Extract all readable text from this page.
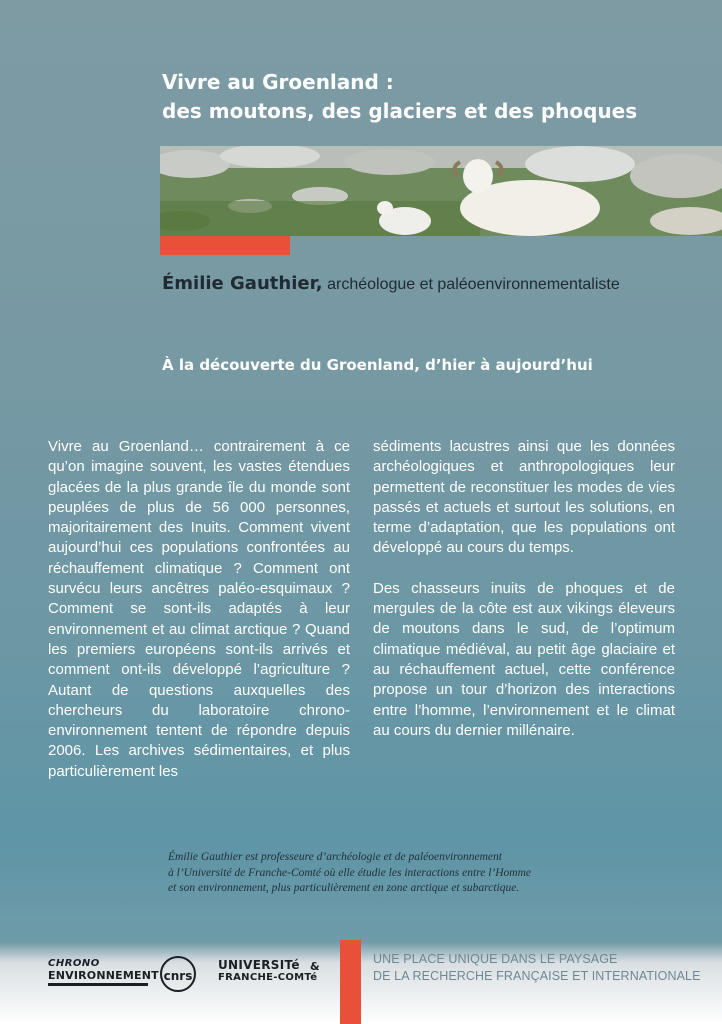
Vivre au Groenland :
des moutons, des glaciers et des phoques
Émilie Gauthier, archéologue et paléoenvironnementaliste
À la découverte du Groenland, d’hier à aujourd’hui

Vivre au Groenland… contrairement à ce qu’on imagine souvent, les vastes étendues glacées de la plus grande île du monde sont peuplées de plus de 56 000 personnes, majoritairement des Inuits. Comment vivent aujourd’hui ces populations confrontées au réchauffement climatique ? Comment ont survécu leurs ancêtres paléo-esquimaux ? Comment se sont-ils adaptés à leur environnement et au climat arctique ? Quand les premiers européens sont-ils arrivés et comment ont-ils développé l’agriculture ? Autant de questions auxquelles des chercheurs du laboratoire chrono-environnement tentent de répondre depuis 2006. Les archives sédimentaires, et plus particulièrement les

sédiments lacustres ainsi que les données archéologiques et anthropologiques leur permettent de reconstituer les modes de vies passés et actuels et surtout les solutions, en terme d’adaptation, que les populations ont développé au cours du temps.

Des chasseurs inuits de phoques et de mergules de la côte est aux vikings éleveurs de moutons dans le sud, de l’optimum climatique médiéval, au petit âge glaciaire et au réchauffement actuel, cette conférence propose un tour d’horizon des interactions entre l’homme, l’environnement et le climat au cours du dernier millénaire.

Émilie Gauthier est professeure d’archéologie et de paléoenvironnement
à l’Université de Franche-Comté où elle étudie les interactions entre l’Homme
et son environnement, plus particulièrement en zone arctique et subarctique.
CHRONO
ENVIRONNEMENT cnrs
UNIVERSITé
FRANCHE-COMTé
&
UNE PLACE UNIQUE DANS LE PAYSAGE
DE LA RECHERCHE FRANÇAISE ET INTERNATIONALE
